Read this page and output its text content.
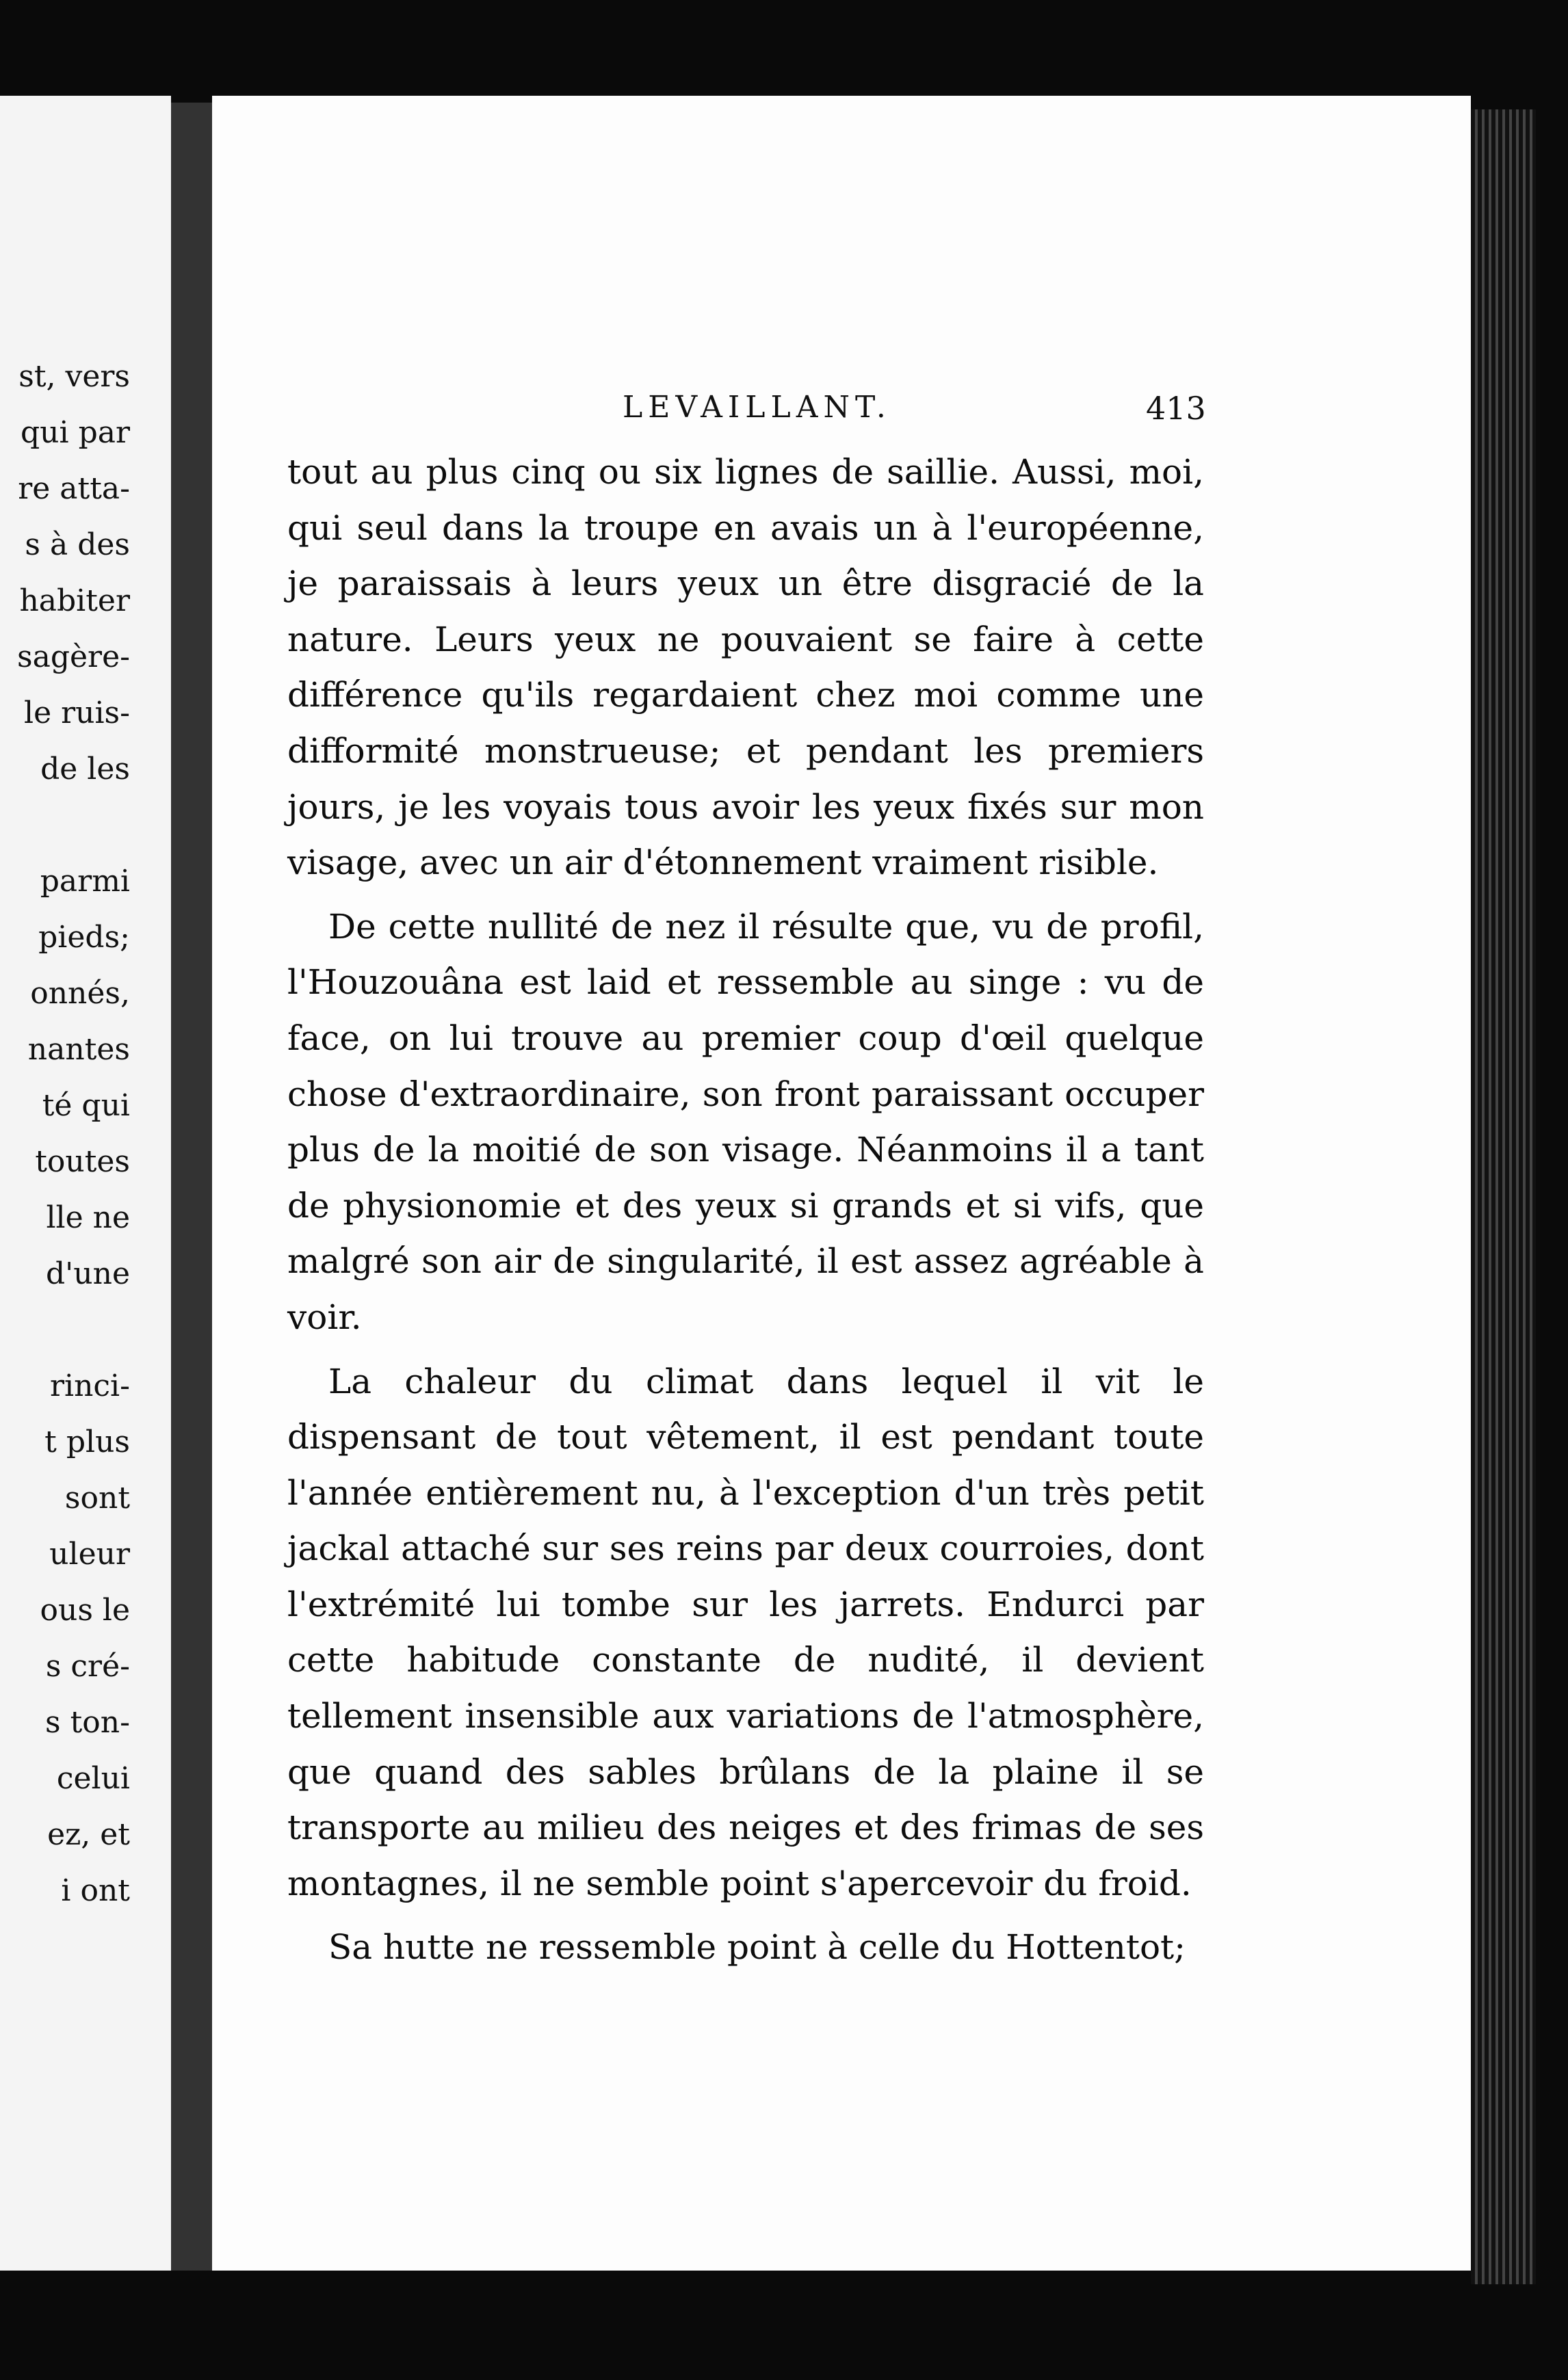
st, vers
qui par
re atta-
s à des
habiter
sagère-
le ruis-
de les
parmi
pieds;
onnés,
nantes
té qui
toutes
lle ne
d'une
rinci-
t plus
sont
uleur
ous le
s cré-
s ton-
celui
ez, et
i ont
LEVAILLANT.	413

tout au plus cinq ou six lignes de saillie. Aussi, moi, qui seul dans la troupe en avais un à l'européenne, je paraissais à leurs yeux un être disgracié de la nature. Leurs yeux ne pouvaient se faire à cette différence qu'ils regardaient chez moi comme une difformité monstrueuse; et pendant les premiers jours, je les voyais tous avoir les yeux fixés sur mon visage, avec un air d'étonnement vraiment risible.

De cette nullité de nez il résulte que, vu de profil, l'Houzouâna est laid et ressemble au singe : vu de face, on lui trouve au premier coup d'œil quelque chose d'extraordinaire, son front paraissant occuper plus de la moitié de son visage. Néanmoins il a tant de physionomie et des yeux si grands et si vifs, que malgré son air de singularité, il est assez agréable à voir.

La chaleur du climat dans lequel il vit le dispensant de tout vêtement, il est pendant toute l'année entièrement nu, à l'exception d'un très petit jackal attaché sur ses reins par deux courroies, dont l'extrémité lui tombe sur les jarrets. Endurci par cette habitude constante de nudité, il devient tellement insensible aux variations de l'atmosphère, que quand des sables brûlans de la plaine il se transporte au milieu des neiges et des frimas de ses montagnes, il ne semble point s'apercevoir du froid.

Sa hutte ne ressemble point à celle du Hottentot;
